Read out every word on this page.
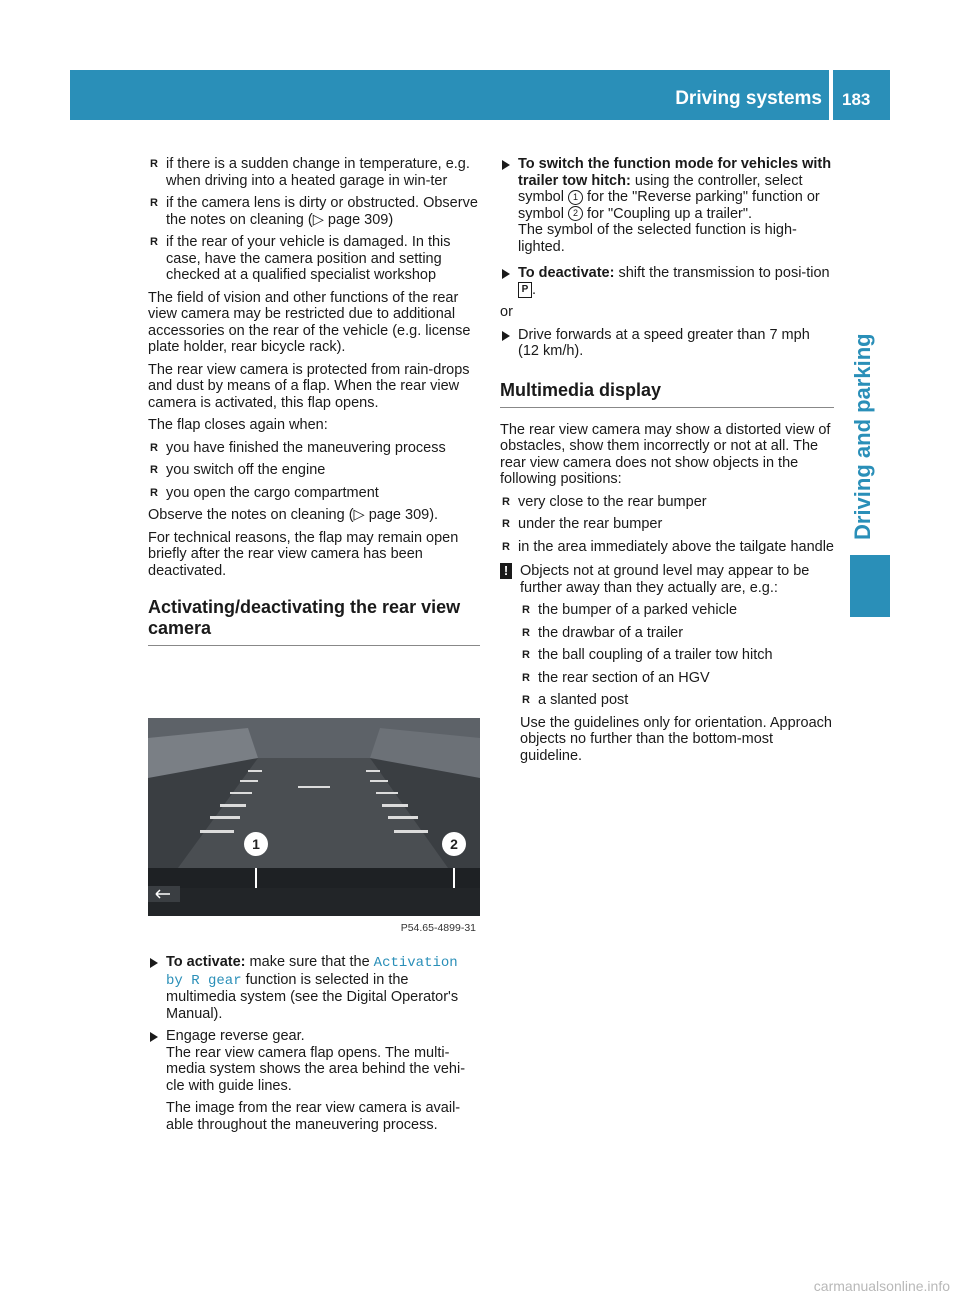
Driving systems 183
Driving and parking
R if there is a sudden change in temperature, e.g. when driving into a heated garage in win-ter
R if the camera lens is dirty or obstructed. Observe the notes on cleaning (▷ page 309)
R if the rear of your vehicle is damaged. In this case, have the camera position and setting checked at a qualified specialist workshop

The field of vision and other functions of the rear view camera may be restricted due to additional accessories on the rear of the vehicle (e.g. license plate holder, rear bicycle rack).

The rear view camera is protected from rain-drops and dust by means of a flap. When the rear view camera is activated, this flap opens.

The flap closes again when:

R you have finished the maneuvering process
R you switch off the engine
R you open the cargo compartment

Observe the notes on cleaning (▷ page 309).

For technical reasons, the flap may remain open briefly after the rear view camera has been deactivated.

Activating/deactivating the rear view camera
1	2
P54.65-4899-31
To activate: make sure that the Activation by R gear function is selected in the multimedia system (see the Digital Operator's Manual).
Engage reverse gear.
The rear view camera flap opens. The multi-media system shows the area behind the vehi-cle with guide lines.
The image from the rear view camera is avail-able throughout the maneuvering process.
To switch the function mode for vehicles with trailer tow hitch: using the controller, select symbol 1 for the "Reverse parking" function or symbol 2 for "Coupling up a trailer".
The symbol of the selected function is high-lighted.
To deactivate: shift the transmission to posi-tion P .

or

Drive forwards at a speed greater than 7 mph (12 km/h).
Multimedia display

The rear view camera may show a distorted view of obstacles, show them incorrectly or not at all. The rear view camera does not show objects in the following positions:

R very close to the rear bumper
R under the rear bumper
R in the area immediately above the tailgate handle
! Objects not at ground level may appear to be further away than they actually are, e.g.:
R the bumper of a parked vehicle
R the drawbar of a trailer
R the ball coupling of a trailer tow hitch
R the rear section of an HGV
R a slanted post

Use the guidelines only for orientation. Approach objects no further than the bottom-most guideline.

carmanualsonline.info
